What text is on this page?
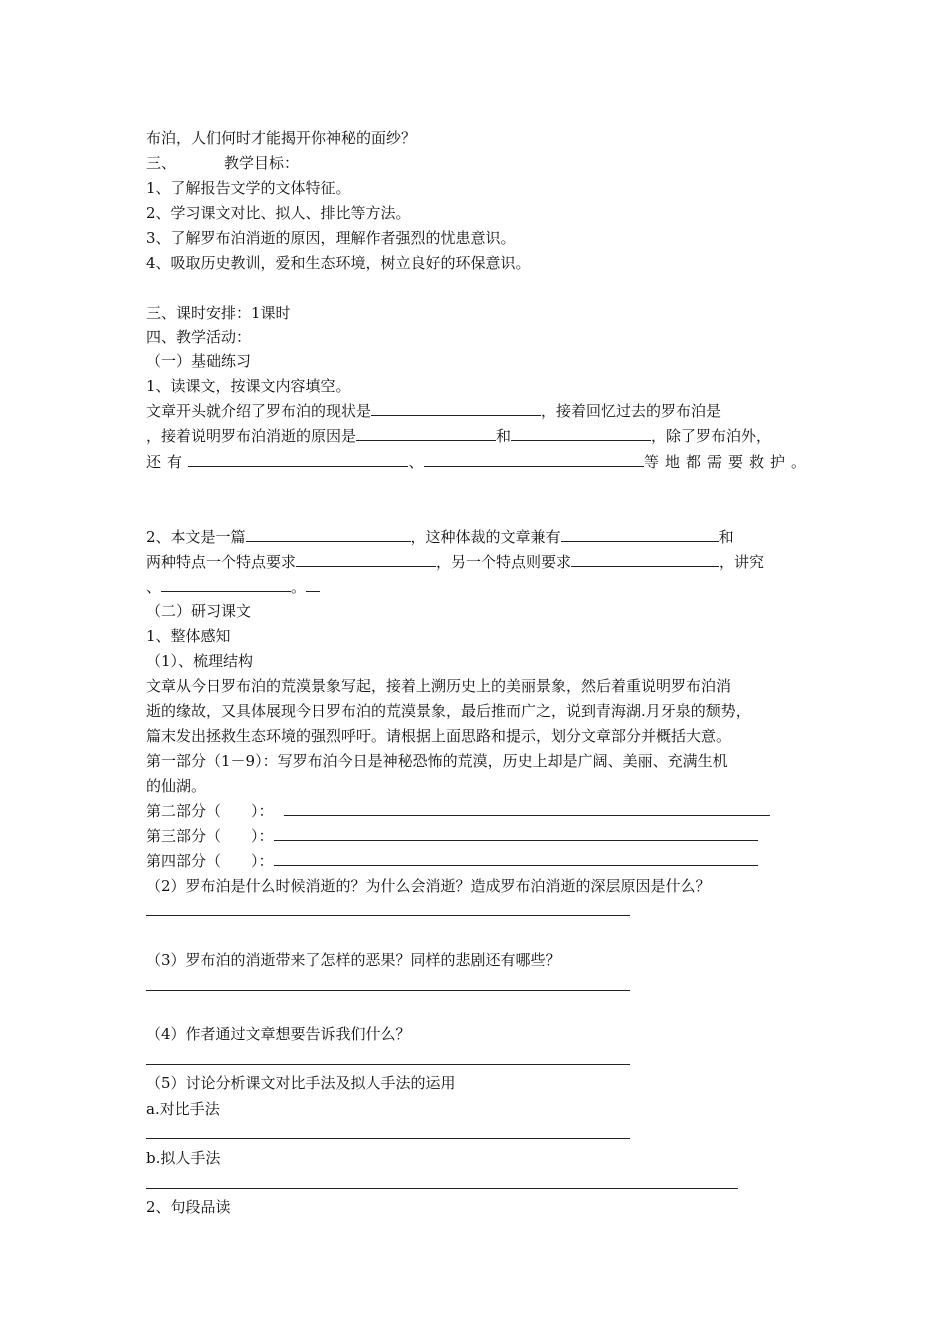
布泊，人们何时才能揭开你神秘的面纱？
三、	教学目标：
1、了解报告文学的文体特征。
2、学习课文对比、拟人、排比等方法。
3、了解罗布泊消逝的原因，理解作者强烈的忧患意识。
4、吸取历史教训，爱和生态环境，树立良好的环保意识。
三、课时安排：1课时
四、教学活动：
（一）基础练习
1、读课文，按课文内容填空。
文章开头就介绍了罗布泊的现状是	，接着回忆过去的罗布泊是
，接着说明罗布泊消逝的原因是	和	，除了罗布泊外，
还有	、	等地都需要救护。
2、本文是一篇	，这种体裁的文章兼有	和
两种特点一个特点要求	，另一个特点则要求	，讲究
、	。
（二）研习课文
1、整体感知
（1）、梳理结构
文章从今日罗布泊的荒漠景象写起，接着上溯历史上的美丽景象，然后着重说明罗布泊消
逝的缘故，又具体展现今日罗布泊的荒漠景象，最后推而广之，说到青海湖.月牙泉的颓势，
篇末发出拯救生态环境的强烈呼吁。请根据上面思路和提示，划分文章部分并概括大意。
第一部分（1－9）：写罗布泊今日是神秘恐怖的荒漠，历史上却是广阔、美丽、充满生机
的仙湖。
第二部分（　　）：
第三部分（　　）：
第四部分（　　）：
（2）罗布泊是什么时候消逝的？为什么会消逝？造成罗布泊消逝的深层原因是什么？
（3）罗布泊的消逝带来了怎样的恶果？同样的悲剧还有哪些？
（4）作者通过文章想要告诉我们什么？
（5）讨论分析课文对比手法及拟人手法的运用
a.对比手法
b.拟人手法
2、句段品读
